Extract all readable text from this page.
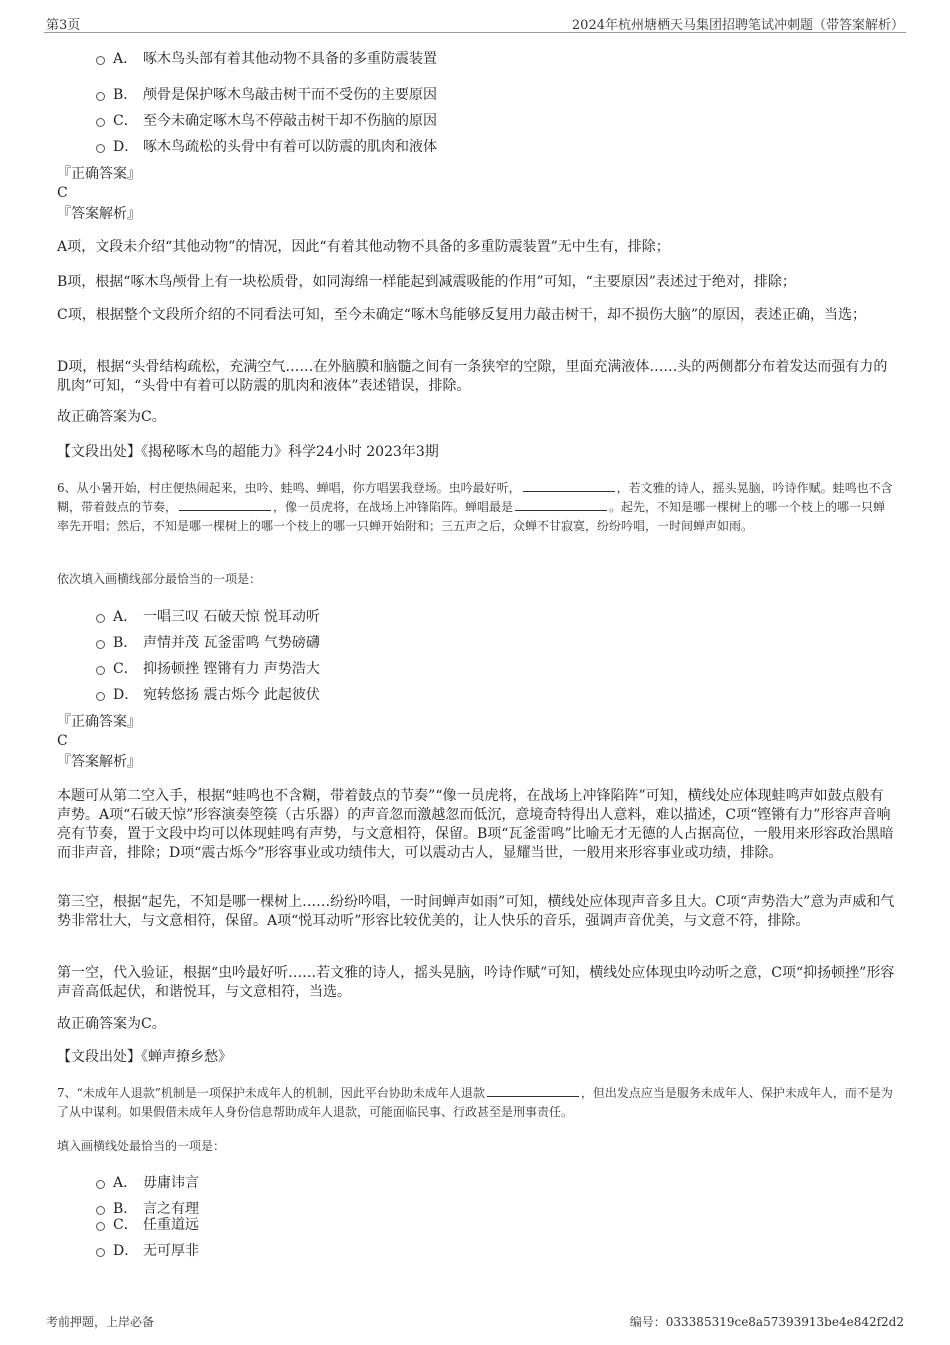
第3页	2024年杭州塘栖天马集团招聘笔试冲刺题（带答案解析）
A． 啄木鸟头部有着其他动物不具备的多重防震装置
B． 颅骨是保护啄木鸟敲击树干而不受伤的主要原因
C． 至今未确定啄木鸟不停敲击树干却不伤脑的原因
D． 啄木鸟疏松的头骨中有着可以防震的肌肉和液体
『正确答案』
C
『答案解析』
A项，文段未介绍“其他动物”的情况，因此“有着其他动物不具备的多重防震装置”无中生有，排除；
B项，根据“啄木鸟颅骨上有一块松质骨，如同海绵一样能起到减震吸能的作用”可知，“主要原因”表述过于绝对，排除；
C项，根据整个文段所介绍的不同看法可知，至今未确定“啄木鸟能够反复用力敲击树干，却不损伤大脑”的原因，表述正确，当选；
D项，根据“头骨结构疏松，充满空气……在外脑膜和脑髓之间有一条狭窄的空隙，里面充满液体……头的两侧都分布着发达而强有力的肌肉”可知，“头骨中有着可以防震的肌肉和液体”表述错误，排除。
故正确答案为C。
【文段出处】《揭秘啄木鸟的超能力》科学24小时 2023年3期
6、从小暑开始，村庄便热闹起来，虫吟、蛙鸣、蝉唱，你方唱罢我登场。虫吟最好听，	，若文雅的诗人，摇头晃脑，吟诗作赋。蛙鸣也不含糊，带着鼓点的节奏，	，像一员虎将，在战场上冲锋陷阵。蝉唱最是	。起先，不知是哪一棵树上的哪一个枝上的哪一只蝉率先开唱；然后，不知是哪一棵树上的哪一个枝上的哪一只蝉开始附和；三五声之后，众蝉不甘寂寞，纷纷吟唱，一时间蝉声如雨。
依次填入画横线部分最恰当的一项是：
A． 一唱三叹 石破天惊 悦耳动听
B． 声情并茂 瓦釜雷鸣 气势磅礴
C． 抑扬顿挫 铿锵有力 声势浩大
D． 宛转悠扬 震古烁今 此起彼伏
『正确答案』
C
『答案解析』
本题可从第二空入手，根据“蛙鸣也不含糊，带着鼓点的节奏”“像一员虎将，在战场上冲锋陷阵”可知，横线处应体现蛙鸣声如鼓点般有声势。A项“石破天惊”形容演奏箜篌（古乐器）的声音忽而激越忽而低沉，意境奇特得出人意料，难以描述，C项“铿锵有力”形容声音响亮有节奏，置于文段中均可以体现蛙鸣有声势，与文意相符，保留。B项“瓦釜雷鸣”比喻无才无德的人占据高位，一般用来形容政治黑暗而非声音，排除；D项“震古烁今”形容事业或功绩伟大，可以震动古人，显耀当世，一般用来形容事业或功绩，排除。
第三空，根据“起先，不知是哪一棵树上……纷纷吟唱，一时间蝉声如雨”可知，横线处应体现声音多且大。C项“声势浩大”意为声威和气势非常壮大，与文意相符，保留。A项“悦耳动听”形容比较优美的，让人快乐的音乐，强调声音优美，与文意不符，排除。
第一空，代入验证，根据“虫吟最好听……若文雅的诗人，摇头晃脑，吟诗作赋”可知，横线处应体现虫吟动听之意，C项“抑扬顿挫”形容声音高低起伏，和谐悦耳，与文意相符，当选。
故正确答案为C。
【文段出处】《蝉声撩乡愁》
7、“未成年人退款”机制是一项保护未成年人的机制，因此平台协助未成年人退款	，但出发点应当是服务未成年人、保护未成年人，而不是为了从中谋利。如果假借未成年人身份信息帮助成年人退款，可能面临民事、行政甚至是刑事责任。
填入画横线处最恰当的一项是：
A． 毋庸讳言
B． 言之有理
C． 任重道远
D． 无可厚非
考前押题，上岸必备	编号：033385319ce8a57393913be4e842f2d2
